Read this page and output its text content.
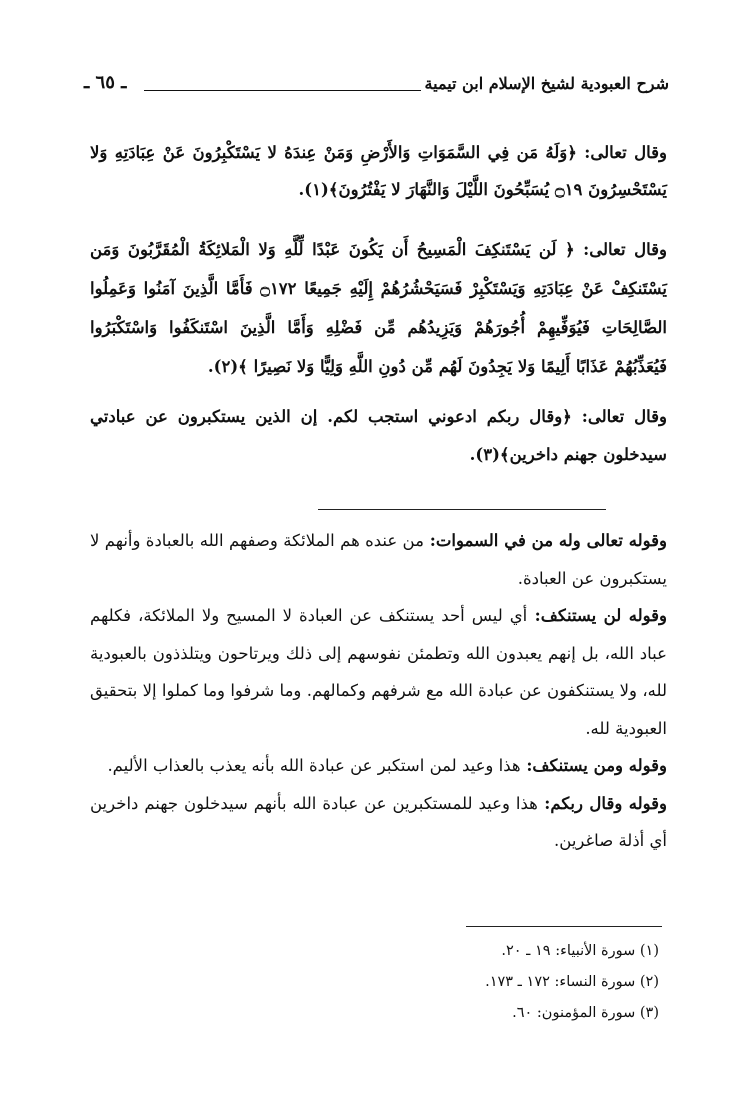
شرح العبودية لشيخ الإسلام ابن تيمية
ـ ٦٥ ـ

وقال تعالى: ﴿وَلَهُ مَن فِي السَّمَوَاتِ وَالأَرْضِ وَمَنْ عِندَهُ لا يَسْتَكْبِرُونَ عَنْ عِبَادَتِهِ وَلا يَسْتَحْسِرُونَ ۝١٩ يُسَبِّحُونَ اللَّيْلَ وَالنَّهَارَ لا يَفْتُرُونَ﴾(١).

وقال تعالى: ﴿ لَن يَسْتَنكِفَ الْمَسِيحُ أَن يَكُونَ عَبْدًا لِّلَّهِ وَلا الْمَلائِكَةُ الْمُقَرَّبُونَ وَمَن يَسْتَنكِفْ عَنْ عِبَادَتِهِ وَيَسْتَكْبِرْ فَسَيَحْشُرُهُمْ إِلَيْهِ جَمِيعًا ۝١٧٢ فَأَمَّا الَّذِينَ آمَنُوا وَعَمِلُوا الصَّالِحَاتِ فَيُوَفِّيهِمْ أُجُورَهُمْ وَيَزِيدُهُم مِّن فَضْلِهِ وَأَمَّا الَّذِينَ اسْتَنكَفُوا وَاسْتَكْبَرُوا فَيُعَذِّبُهُمْ عَذَابًا أَلِيمًا وَلا يَجِدُونَ لَهُم مِّن دُونِ اللَّهِ وَلِيًّا وَلا نَصِيرًا ﴾(٢).

وقال تعالى: ﴿وقال ربكم ادعوني استجب لكم. إن الذين يستكبرون عن عبادتي سيدخلون جهنم داخرين﴾(٣).

وقوله تعالى وله من في السموات: من عنده هم الملائكة وصفهم الله بالعبادة وأنهم لا يستكبرون عن العبادة.

وقوله لن يستنكف: أي ليس أحد يستنكف عن العبادة لا المسيح ولا الملائكة، فكلهم عباد الله، بل إنهم يعبدون الله وتطمئن نفوسهم إلى ذلك ويرتاحون ويتلذذون بالعبودية لله، ولا يستنكفون عن عبادة الله مع شرفهم وكمالهم. وما شرفوا وما كملوا إلا بتحقيق العبودية لله.

وقوله ومن يستنكف: هذا وعيد لمن استكبر عن عبادة الله بأنه يعذب بالعذاب الأليم.

وقوله وقال ربكم: هذا وعيد للمستكبرين عن عبادة الله بأنهم سيدخلون جهنم داخرين أي أذلة صاغرين.

(١) سورة الأنبياء: ١٩ ـ ٢٠.
(٢) سورة النساء: ١٧٢ ـ ١٧٣.
(٣) سورة المؤمنون: ٦٠.
